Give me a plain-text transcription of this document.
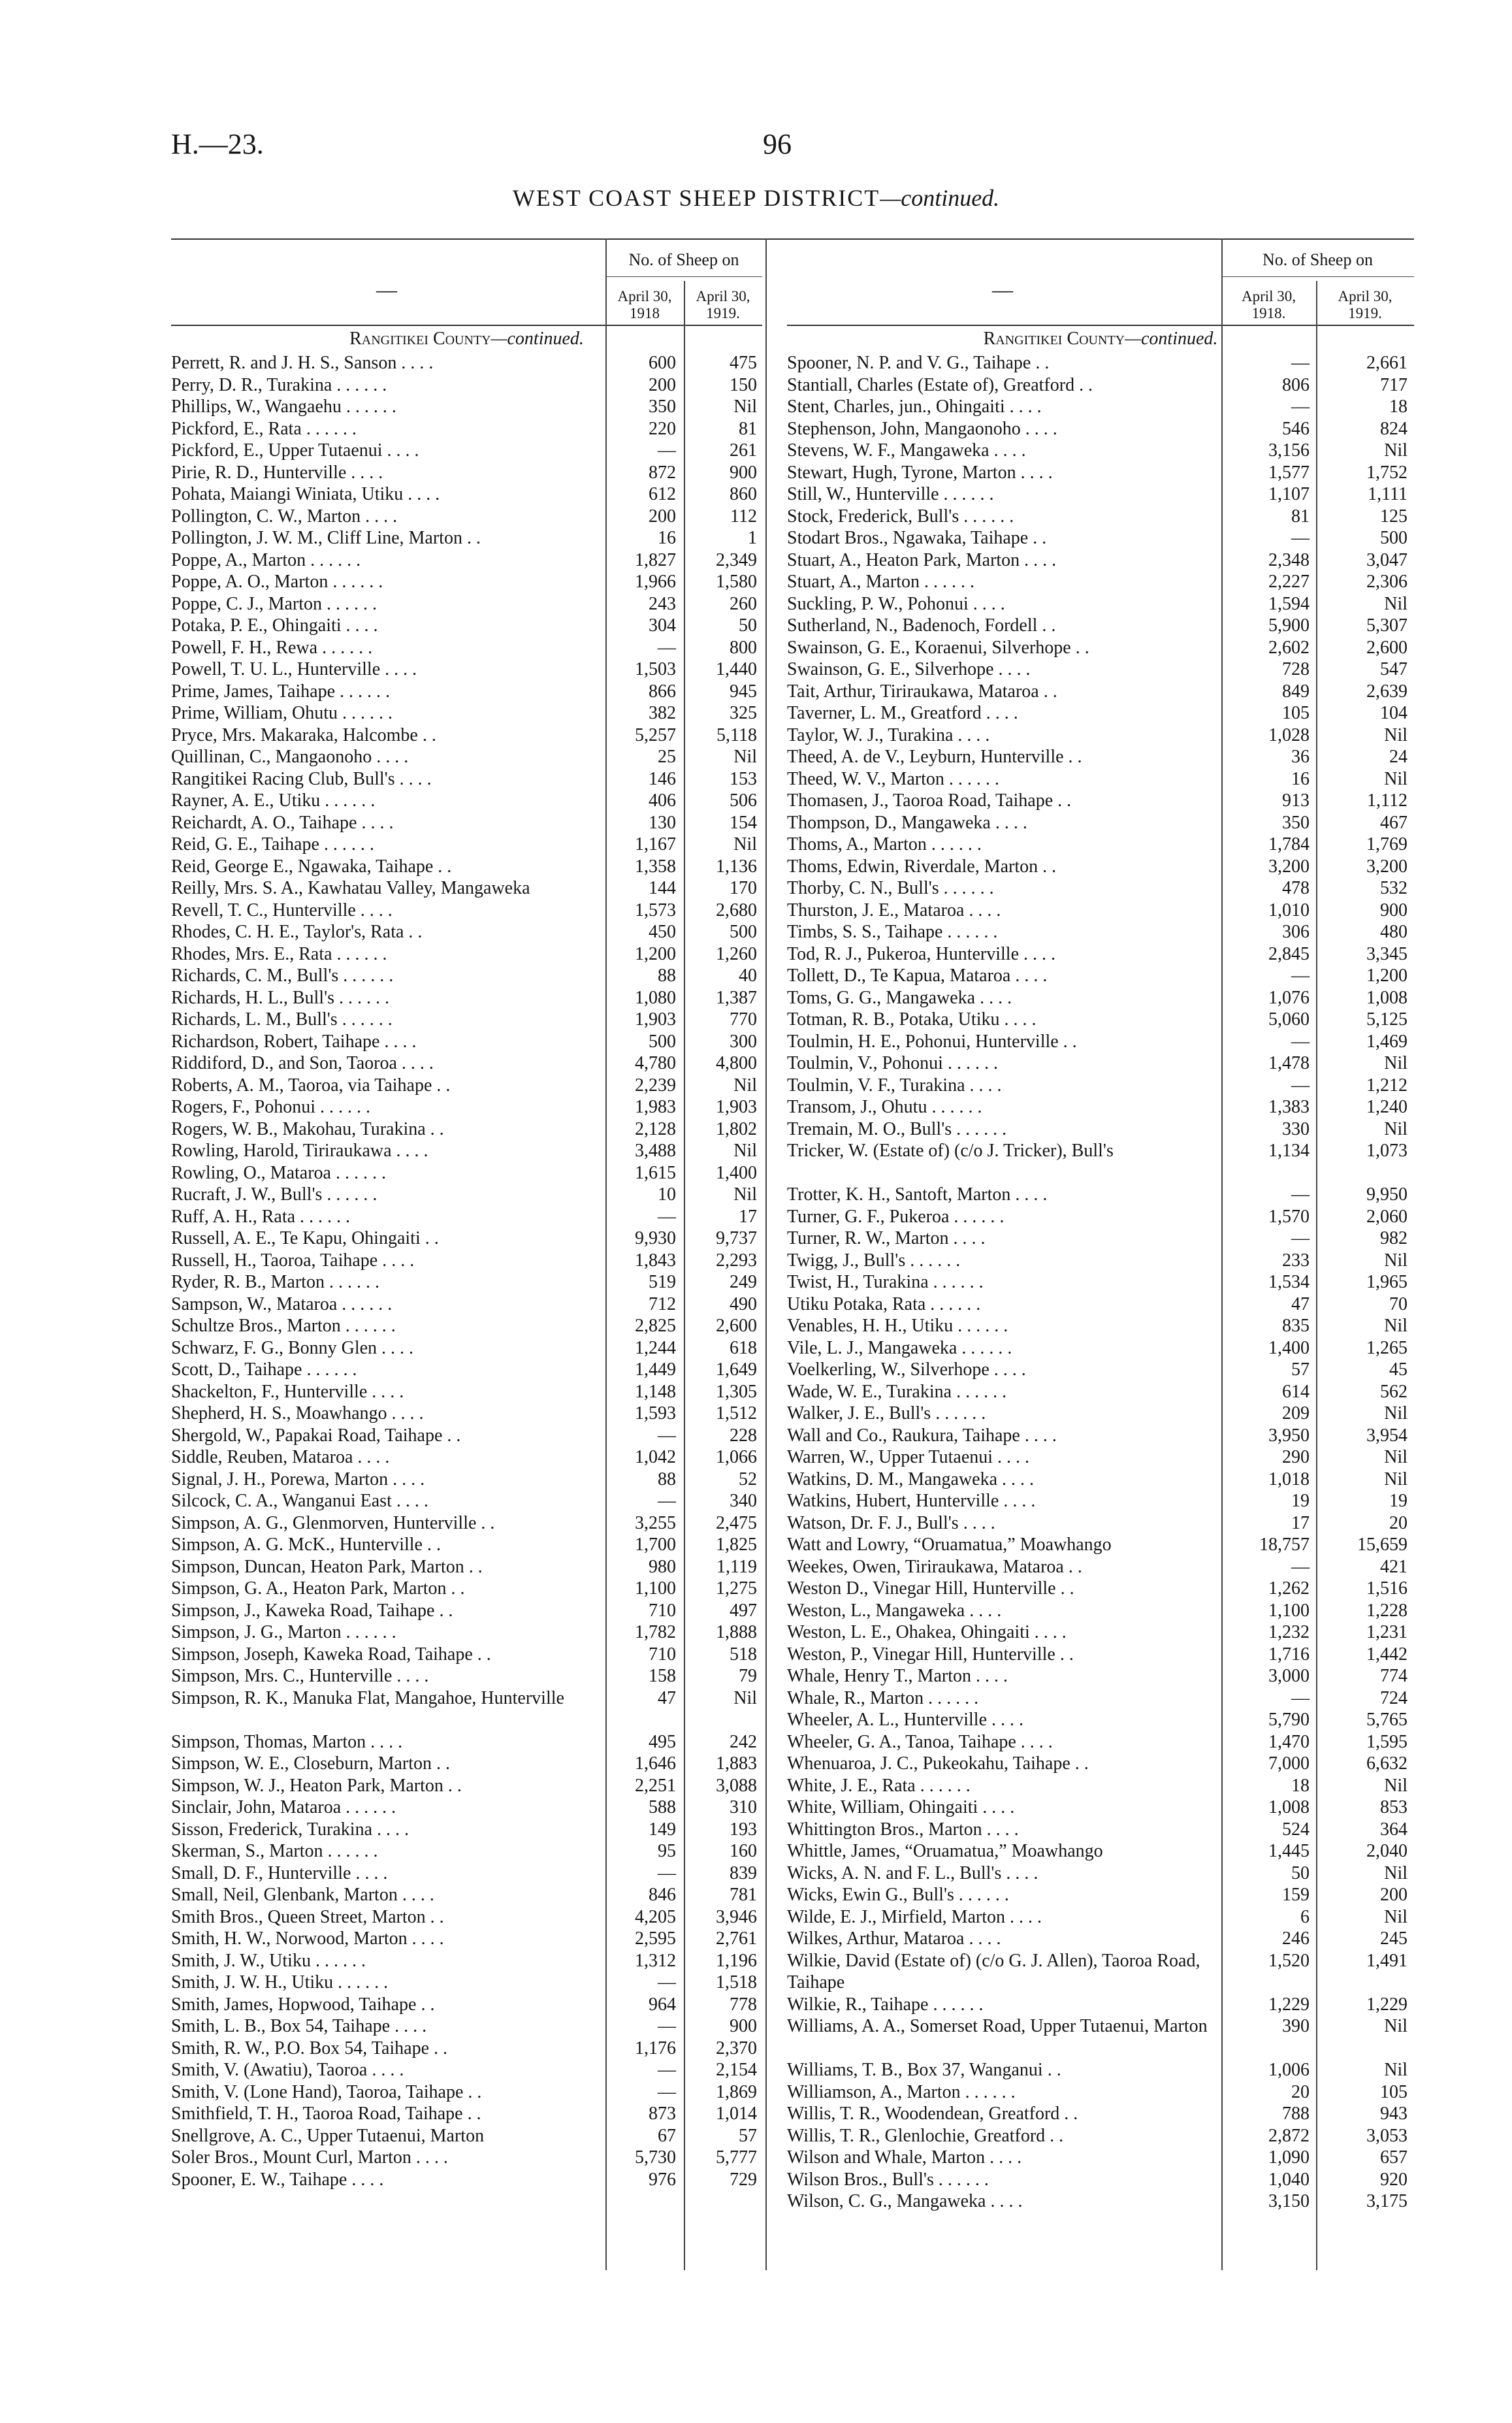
H.—23.	96
WEST COAST SHEEP DISTRICT—continued.
—
No. of Sheep on
April 30,
1918
April 30,
1919.
Rangitikei County—continued.
Perrett, R. and J. H. S., Sanson . . . .	600	475
Perry, D. R., Turakina . . . . . .	200	150
Phillips, W., Wangaehu . . . . . .	350	Nil
Pickford, E., Rata . . . . . .	220	81
Pickford, E., Upper Tutaenui . . . .	—	261
Pirie, R. D., Hunterville . . . .	872	900
Pohata, Maiangi Winiata, Utiku . . . .	612	860
Pollington, C. W., Marton . . . .	200	112
Pollington, J. W. M., Cliff Line, Marton . .	16	1
Poppe, A., Marton . . . . . .	1,827	2,349
Poppe, A. O., Marton . . . . . .	1,966	1,580
Poppe, C. J., Marton . . . . . .	243	260
Potaka, P. E., Ohingaiti . . . .	304	50
Powell, F. H., Rewa . . . . . .	—	800
Powell, T. U. L., Hunterville . . . .	1,503	1,440
Prime, James, Taihape . . . . . .	866	945
Prime, William, Ohutu . . . . . .	382	325
Pryce, Mrs. Makaraka, Halcombe . .	5,257	5,118
Quillinan, C., Mangaonoho . . . .	25	Nil
Rangitikei Racing Club, Bull's . . . .	146	153
Rayner, A. E., Utiku . . . . . .	406	506
Reichardt, A. O., Taihape . . . .	130	154
Reid, G. E., Taihape . . . . . .	1,167	Nil
Reid, George E., Ngawaka, Taihape . .	1,358	1,136
Reilly, Mrs. S. A., Kawhatau Valley, Mangaweka	144	170
Revell, T. C., Hunterville . . . .	1,573	2,680
Rhodes, C. H. E., Taylor's, Rata . .	450	500
Rhodes, Mrs. E., Rata . . . . . .	1,200	1,260
Richards, C. M., Bull's . . . . . .	88	40
Richards, H. L., Bull's . . . . . .	1,080	1,387
Richards, L. M., Bull's . . . . . .	1,903	770
Richardson, Robert, Taihape . . . .	500	300
Riddiford, D., and Son, Taoroa . . . .	4,780	4,800
Roberts, A. M., Taoroa, via Taihape . .	2,239	Nil
Rogers, F., Pohonui . . . . . .	1,983	1,903
Rogers, W. B., Makohau, Turakina . .	2,128	1,802
Rowling, Harold, Tiriraukawa . . . .	3,488	Nil
Rowling, O., Mataroa . . . . . .	1,615	1,400
Rucraft, J. W., Bull's . . . . . .	10	Nil
Ruff, A. H., Rata . . . . . .	—	17
Russell, A. E., Te Kapu, Ohingaiti . .	9,930	9,737
Russell, H., Taoroa, Taihape . . . .	1,843	2,293
Ryder, R. B., Marton . . . . . .	519	249
Sampson, W., Mataroa . . . . . .	712	490
Schultze Bros., Marton . . . . . .	2,825	2,600
Schwarz, F. G., Bonny Glen . . . .	1,244	618
Scott, D., Taihape . . . . . .	1,449	1,649
Shackelton, F., Hunterville . . . .	1,148	1,305
Shepherd, H. S., Moawhango . . . .	1,593	1,512
Shergold, W., Papakai Road, Taihape . .	—	228
Siddle, Reuben, Mataroa . . . .	1,042	1,066
Signal, J. H., Porewa, Marton . . . .	88	52
Silcock, C. A., Wanganui East . . . .	—	340
Simpson, A. G., Glenmorven, Hunterville . .	3,255	2,475
Simpson, A. G. McK., Hunterville . .	1,700	1,825
Simpson, Duncan, Heaton Park, Marton . .	980	1,119
Simpson, G. A., Heaton Park, Marton . .	1,100	1,275
Simpson, J., Kaweka Road, Taihape . .	710	497
Simpson, J. G., Marton . . . . . .	1,782	1,888
Simpson, Joseph, Kaweka Road, Taihape . .	710	518
Simpson, Mrs. C., Hunterville . . . .	158	79
Simpson, R. K., Manuka Flat, Mangahoe, Hunterville	47	Nil
Simpson, Thomas, Marton . . . .	495	242
Simpson, W. E., Closeburn, Marton . .	1,646	1,883
Simpson, W. J., Heaton Park, Marton . .	2,251	3,088
Sinclair, John, Mataroa . . . . . .	588	310
Sisson, Frederick, Turakina . . . .	149	193
Skerman, S., Marton . . . . . .	95	160
Small, D. F., Hunterville . . . .	—	839
Small, Neil, Glenbank, Marton . . . .	846	781
Smith Bros., Queen Street, Marton . .	4,205	3,946
Smith, H. W., Norwood, Marton . . . .	2,595	2,761
Smith, J. W., Utiku . . . . . .	1,312	1,196
Smith, J. W. H., Utiku . . . . . .	—	1,518
Smith, James, Hopwood, Taihape . .	964	778
Smith, L. B., Box 54, Taihape . . . .	—	900
Smith, R. W., P.O. Box 54, Taihape . .	1,176	2,370
Smith, V. (Awatiu), Taoroa . . . .	—	2,154
Smith, V. (Lone Hand), Taoroa, Taihape . .	—	1,869
Smithfield, T. H., Taoroa Road, Taihape . .	873	1,014
Snellgrove, A. C., Upper Tutaenui, Marton	67	57
Soler Bros., Mount Curl, Marton . . . .	5,730	5,777
Spooner, E. W., Taihape . . . .	976	729
—
No. of Sheep on
April 30,
1918.
April 30,
1919.
Rangitikei County—continued.
Spooner, N. P. and V. G., Taihape . .	—	2,661
Stantiall, Charles (Estate of), Greatford . .	806	717
Stent, Charles, jun., Ohingaiti . . . .	—	18
Stephenson, John, Mangaonoho . . . .	546	824
Stevens, W. F., Mangaweka . . . .	3,156	Nil
Stewart, Hugh, Tyrone, Marton . . . .	1,577	1,752
Still, W., Hunterville . . . . . .	1,107	1,111
Stock, Frederick, Bull's . . . . . .	81	125
Stodart Bros., Ngawaka, Taihape . .	—	500
Stuart, A., Heaton Park, Marton . . . .	2,348	3,047
Stuart, A., Marton . . . . . .	2,227	2,306
Suckling, P. W., Pohonui . . . .	1,594	Nil
Sutherland, N., Badenoch, Fordell . .	5,900	5,307
Swainson, G. E., Koraenui, Silverhope . .	2,602	2,600
Swainson, G. E., Silverhope . . . .	728	547
Tait, Arthur, Tiriraukawa, Mataroa . .	849	2,639
Taverner, L. M., Greatford . . . .	105	104
Taylor, W. J., Turakina . . . .	1,028	Nil
Theed, A. de V., Leyburn, Hunterville . .	36	24
Theed, W. V., Marton . . . . . .	16	Nil
Thomasen, J., Taoroa Road, Taihape . .	913	1,112
Thompson, D., Mangaweka . . . .	350	467
Thoms, A., Marton . . . . . .	1,784	1,769
Thoms, Edwin, Riverdale, Marton . .	3,200	3,200
Thorby, C. N., Bull's . . . . . .	478	532
Thurston, J. E., Mataroa . . . .	1,010	900
Timbs, S. S., Taihape . . . . . .	306	480
Tod, R. J., Pukeroa, Hunterville . . . .	2,845	3,345
Tollett, D., Te Kapua, Mataroa . . . .	—	1,200
Toms, G. G., Mangaweka . . . .	1,076	1,008
Totman, R. B., Potaka, Utiku . . . .	5,060	5,125
Toulmin, H. E., Pohonui, Hunterville . .	—	1,469
Toulmin, V., Pohonui . . . . . .	1,478	Nil
Toulmin, V. F., Turakina . . . .	—	1,212
Transom, J., Ohutu . . . . . .	1,383	1,240
Tremain, M. O., Bull's . . . . . .	330	Nil
Tricker, W. (Estate of) (c/o J. Tricker), Bull's	1,134	1,073
Trotter, K. H., Santoft, Marton . . . .	—	9,950
Turner, G. F., Pukeroa . . . . . .	1,570	2,060
Turner, R. W., Marton . . . .	—	982
Twigg, J., Bull's . . . . . .	233	Nil
Twist, H., Turakina . . . . . .	1,534	1,965
Utiku Potaka, Rata . . . . . .	47	70
Venables, H. H., Utiku . . . . . .	835	Nil
Vile, L. J., Mangaweka . . . . . .	1,400	1,265
Voelkerling, W., Silverhope . . . .	57	45
Wade, W. E., Turakina . . . . . .	614	562
Walker, J. E., Bull's . . . . . .	209	Nil
Wall and Co., Raukura, Taihape . . . .	3,950	3,954
Warren, W., Upper Tutaenui . . . .	290	Nil
Watkins, D. M., Mangaweka . . . .	1,018	Nil
Watkins, Hubert, Hunterville . . . .	19	19
Watson, Dr. F. J., Bull's . . . .	17	20
Watt and Lowry, “Oruamatua,” Moawhango	18,757	15,659
Weekes, Owen, Tiriraukawa, Mataroa . .	—	421
Weston D., Vinegar Hill, Hunterville . .	1,262	1,516
Weston, L., Mangaweka . . . .	1,100	1,228
Weston, L. E., Ohakea, Ohingaiti . . . .	1,232	1,231
Weston, P., Vinegar Hill, Hunterville . .	1,716	1,442
Whale, Henry T., Marton . . . .	3,000	774
Whale, R., Marton . . . . . .	—	724
Wheeler, A. L., Hunterville . . . .	5,790	5,765
Wheeler, G. A., Tanoa, Taihape . . . .	1,470	1,595
Whenuaroa, J. C., Pukeokahu, Taihape . .	7,000	6,632
White, J. E., Rata . . . . . .	18	Nil
White, William, Ohingaiti . . . .	1,008	853
Whittington Bros., Marton . . . .	524	364
Whittle, James, “Oruamatua,” Moawhango	1,445	2,040
Wicks, A. N. and F. L., Bull's . . . .	50	Nil
Wicks, Ewin G., Bull's . . . . . .	159	200
Wilde, E. J., Mirfield, Marton . . . .	6	Nil
Wilkes, Arthur, Mataroa . . . .	246	245
Wilkie, David (Estate of) (c/o G. J. Allen), Taoroa Road, Taihape
1,520	1,491
Wilkie, R., Taihape . . . . . .	1,229	1,229
Williams, A. A., Somerset Road, Upper Tutaenui, Marton	390	Nil
Williams, T. B., Box 37, Wanganui . .	1,006	Nil
Williamson, A., Marton . . . . . .	20	105
Willis, T. R., Woodendean, Greatford . .	788	943
Willis, T. R., Glenlochie, Greatford . .	2,872	3,053
Wilson and Whale, Marton . . . .	1,090	657
Wilson Bros., Bull's . . . . . .	1,040	920
Wilson, C. G., Mangaweka . . . .	3,150	3,175
